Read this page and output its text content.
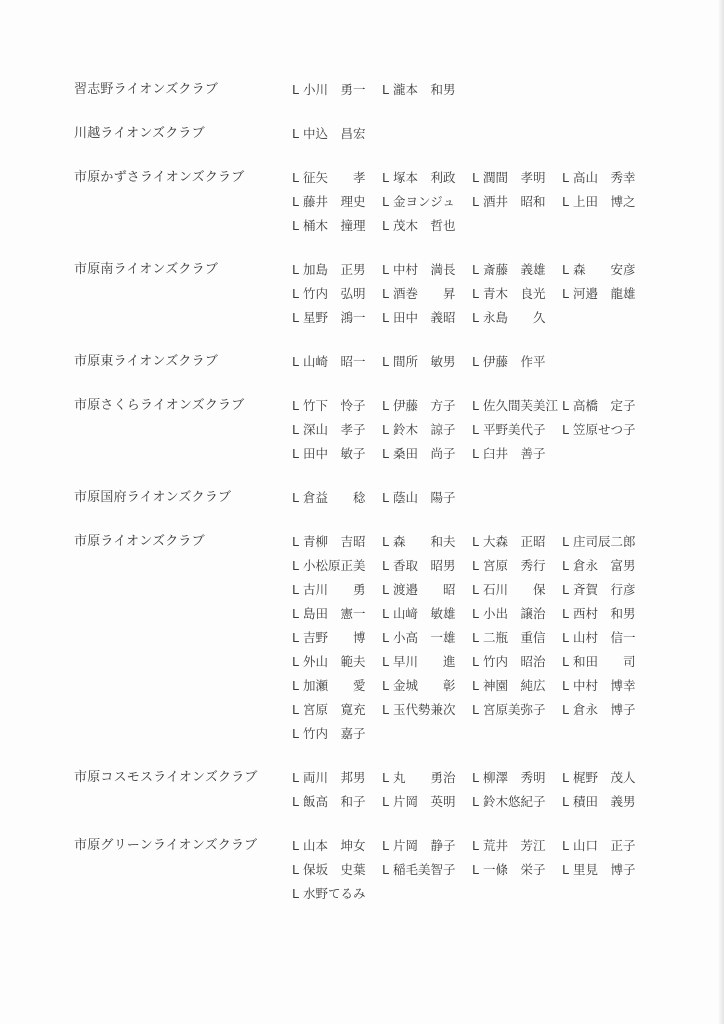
習志野ライオンズクラブ	L 小川　勇一	L 瀧本　和男
川越ライオンズクラブ	L 中込　昌宏
市原かずさライオンズクラブ	L 征矢　　孝	L 塚本　利政	L 潤間　孝明	L 高山　秀幸
L 藤井　理史	L 金ヨンジュ	L 酒井　昭和	L 上田　博之
L 桶木　撞理	L 茂木　哲也
市原南ライオンズクラブ	L 加島　正男	L 中村　満長	L 斎藤　義雄	L 森　　安彦
L 竹内　弘明	L 酒巻　　昇	L 青木　良光	L 河邉　龍雄
L 星野　鴻一	L 田中　義昭	L 永島　　久
市原東ライオンズクラブ	L 山崎　昭一	L 間所　敏男	L 伊藤　作平
市原さくらライオンズクラブ	L 竹下　怜子	L 伊藤　方子	L 佐久間芙美江 L 高橋　定子
L 深山　孝子	L 鈴木　諒子	L 平野美代子	L 笠原せつ子
L 田中　敏子	L 桑田　尚子	L 臼井　善子
市原国府ライオンズクラブ	L 倉益　　稔	L 蔭山　陽子
市原ライオンズクラブ	L 青柳　吉昭	L 森　　和夫	L 大森　正昭	L 庄司辰二郎
L 小松原正美	L 香取　昭男	L 宮原　秀行	L 倉永　富男
L 古川　　勇	L 渡邉　　昭	L 石川　　保	L 斉賀　行彦
L 島田　憲一	L 山﨑　敏雄	L 小出　譲治	L 西村　和男
L 吉野　　博	L 小高　一雄	L 二瓶　重信	L 山村　信一
L 外山　範夫	L 早川　　進	L 竹内　昭治	L 和田　　司
L 加瀬　　愛	L 金城　　彰	L 神園　純広	L 中村　博幸
L 宮原　寛充	L 玉代勢兼次	L 宮原美弥子	L 倉永　博子
L 竹内　嘉子
市原コスモスライオンズクラブ	L 両川　邦男	L 丸　　勇治	L 柳澤　秀明	L 梶野　茂人
L 飯高　和子	L 片岡　英明	L 鈴木悠紀子	L 積田　義男
市原グリーンライオンズクラブ	L 山本　坤女	L 片岡　静子	L 荒井　芳江	L 山口　正子
L 保坂　史葉	L 稲毛美智子	L 一條　栄子	L 里見　博子
L 水野てるみ
